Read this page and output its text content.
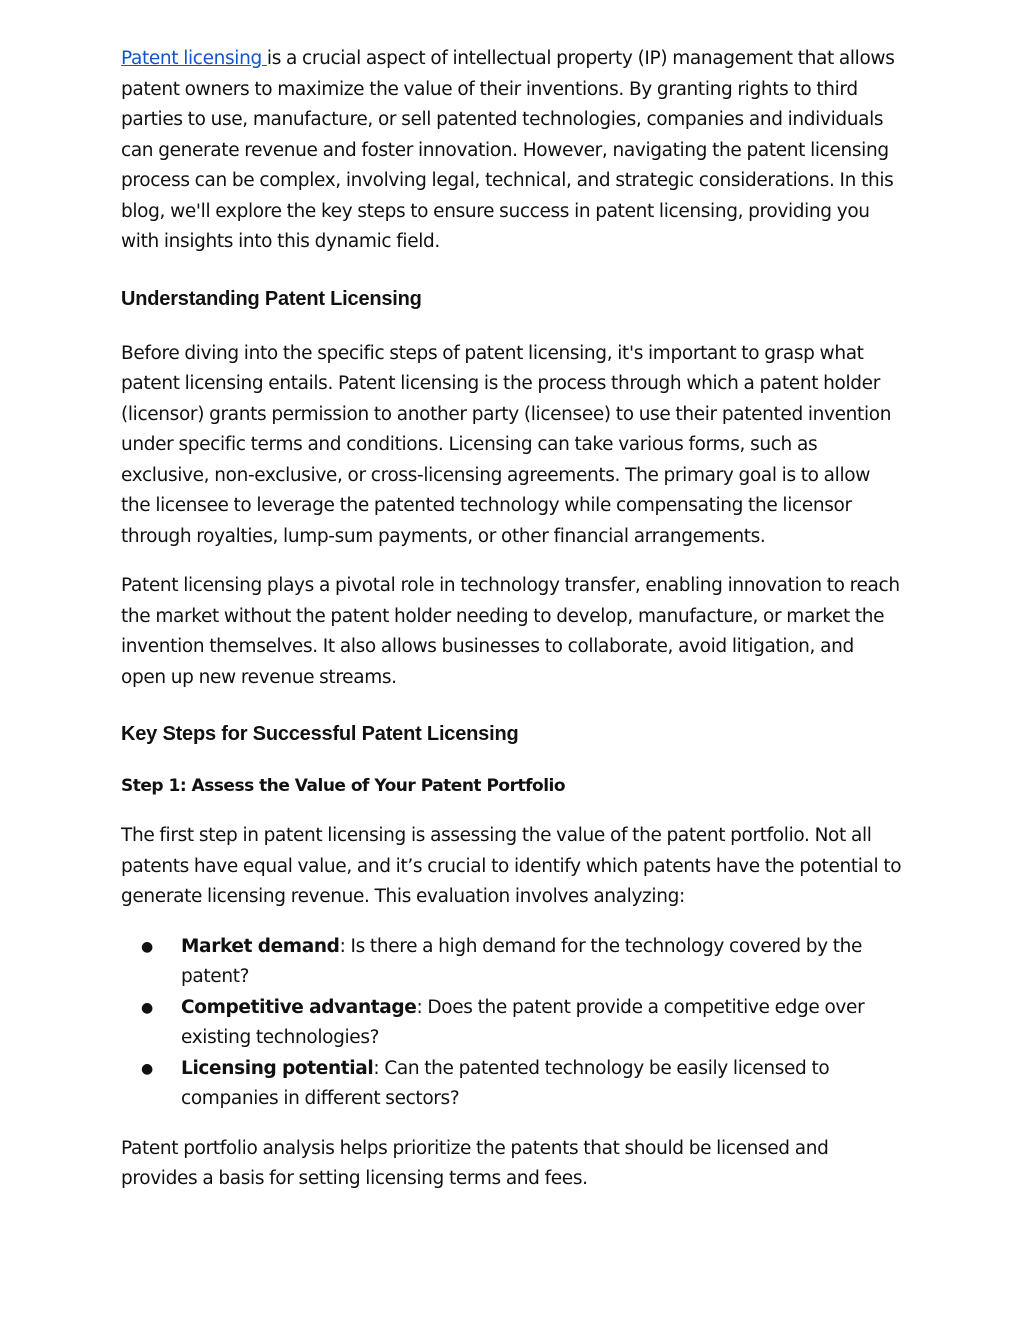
Patent licensing is a crucial aspect of intellectual property (IP) management that allows patent owners to maximize the value of their inventions. By granting rights to third parties to use, manufacture, or sell patented technologies, companies and individuals can generate revenue and foster innovation. However, navigating the patent licensing process can be complex, involving legal, technical, and strategic considerations. In this blog, we'll explore the key steps to ensure success in patent licensing, providing you with insights into this dynamic field.

Understanding Patent Licensing

Before diving into the specific steps of patent licensing, it's important to grasp what patent licensing entails. Patent licensing is the process through which a patent holder (licensor) grants permission to another party (licensee) to use their patented invention under specific terms and conditions. Licensing can take various forms, such as exclusive, non-exclusive, or cross-licensing agreements. The primary goal is to allow the licensee to leverage the patented technology while compensating the licensor through royalties, lump-sum payments, or other financial arrangements.

Patent licensing plays a pivotal role in technology transfer, enabling innovation to reach the market without the patent holder needing to develop, manufacture, or market the invention themselves. It also allows businesses to collaborate, avoid litigation, and open up new revenue streams.

Key Steps for Successful Patent Licensing
Step 1: Assess the Value of Your Patent Portfolio

The first step in patent licensing is assessing the value of the patent portfolio. Not all patents have equal value, and it’s crucial to identify which patents have the potential to generate licensing revenue. This evaluation involves analyzing:

● Market demand: Is there a high demand for the technology covered by the patent?
● Competitive advantage: Does the patent provide a competitive edge over existing technologies?
● Licensing potential: Can the patented technology be easily licensed to companies in different sectors?

Patent portfolio analysis helps prioritize the patents that should be licensed and provides a basis for setting licensing terms and fees.
